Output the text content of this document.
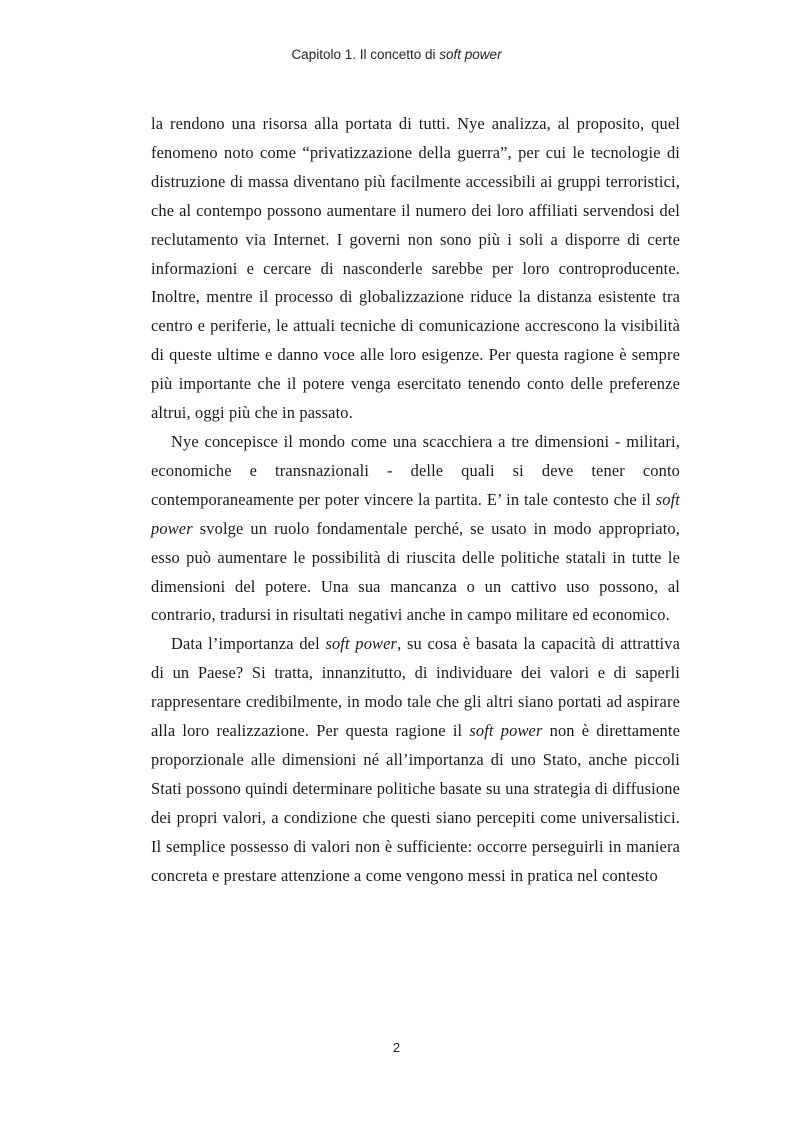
Capitolo 1. Il concetto di soft power

la rendono una risorsa alla portata di tutti. Nye analizza, al proposito, quel fenomeno noto come “privatizzazione della guerra”, per cui le tecnologie di distruzione di massa diventano più facilmente accessibili ai gruppi terroristici, che al contempo possono aumentare il numero dei loro affiliati servendosi del reclutamento via Internet. I governi non sono più i soli a disporre di certe informazioni e cercare di nasconderle sarebbe per loro controproducente. Inoltre, mentre il processo di globalizzazione riduce la distanza esistente tra centro e periferie, le attuali tecniche di comunicazione accrescono la visibilità di queste ultime e danno voce alle loro esigenze. Per questa ragione è sempre più importante che il potere venga esercitato tenendo conto delle preferenze altrui, oggi più che in passato.

Nye concepisce il mondo come una scacchiera a tre dimensioni - militari, economiche e transnazionali - delle quali si deve tener conto contemporaneamente per poter vincere la partita. E’ in tale contesto che il soft power svolge un ruolo fondamentale perché, se usato in modo appropriato, esso può aumentare le possibilità di riuscita delle politiche statali in tutte le dimensioni del potere. Una sua mancanza o un cattivo uso possono, al contrario, tradursi in risultati negativi anche in campo militare ed economico.

Data l’importanza del soft power, su cosa è basata la capacità di attrattiva di un Paese? Si tratta, innanzitutto, di individuare dei valori e di saperli rappresentare credibilmente, in modo tale che gli altri siano portati ad aspirare alla loro realizzazione. Per questa ragione il soft power non è direttamente proporzionale alle dimensioni né all’importanza di uno Stato, anche piccoli Stati possono quindi determinare politiche basate su una strategia di diffusione dei propri valori, a condizione che questi siano percepiti come universalistici. Il semplice possesso di valori non è sufficiente: occorre perseguirli in maniera concreta e prestare attenzione a come vengono messi in pratica nel contesto

2
